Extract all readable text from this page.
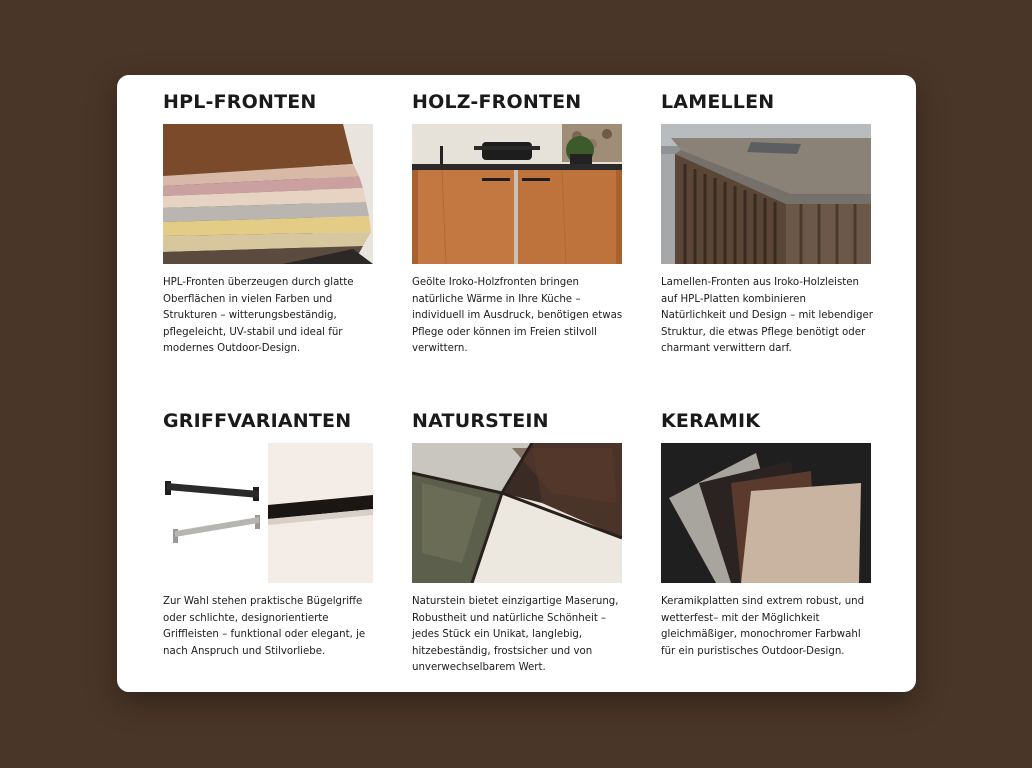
HPL-FRONTEN

HPL-Fronten überzeugen durch glatte Oberflächen in vielen Farben und Strukturen – witterungsbeständig, pflegeleicht, UV-stabil und ideal für modernes Outdoor-Design.

HOLZ-FRONTEN

Geölte Iroko-Holzfronten bringen natürliche Wärme in Ihre Küche – individuell im Ausdruck, benötigen etwas Pflege oder können im Freien stilvoll verwittern.

LAMELLEN

Lamellen-Fronten aus Iroko-Holzleisten auf HPL-Platten kombinieren Natürlichkeit und Design – mit lebendiger Struktur, die etwas Pflege benötigt oder charmant verwittern darf.

GRIFFVARIANTEN

Zur Wahl stehen praktische Bügelgriffe oder schlichte, designorientierte Griffleisten – funktional oder elegant, je nach Anspruch und Stilvorliebe.

NATURSTEIN

Naturstein bietet einzigartige Maserung, Robustheit und natürliche Schönheit – jedes Stück ein Unikat, langlebig, hitzebeständig, frostsicher und von unverwechselbarem Wert.

KERAMIK

Keramikplatten sind extrem robust, und wetterfest– mit der Möglichkeit gleichmäßiger, monochromer Farbwahl für ein puristisches Outdoor-Design.
